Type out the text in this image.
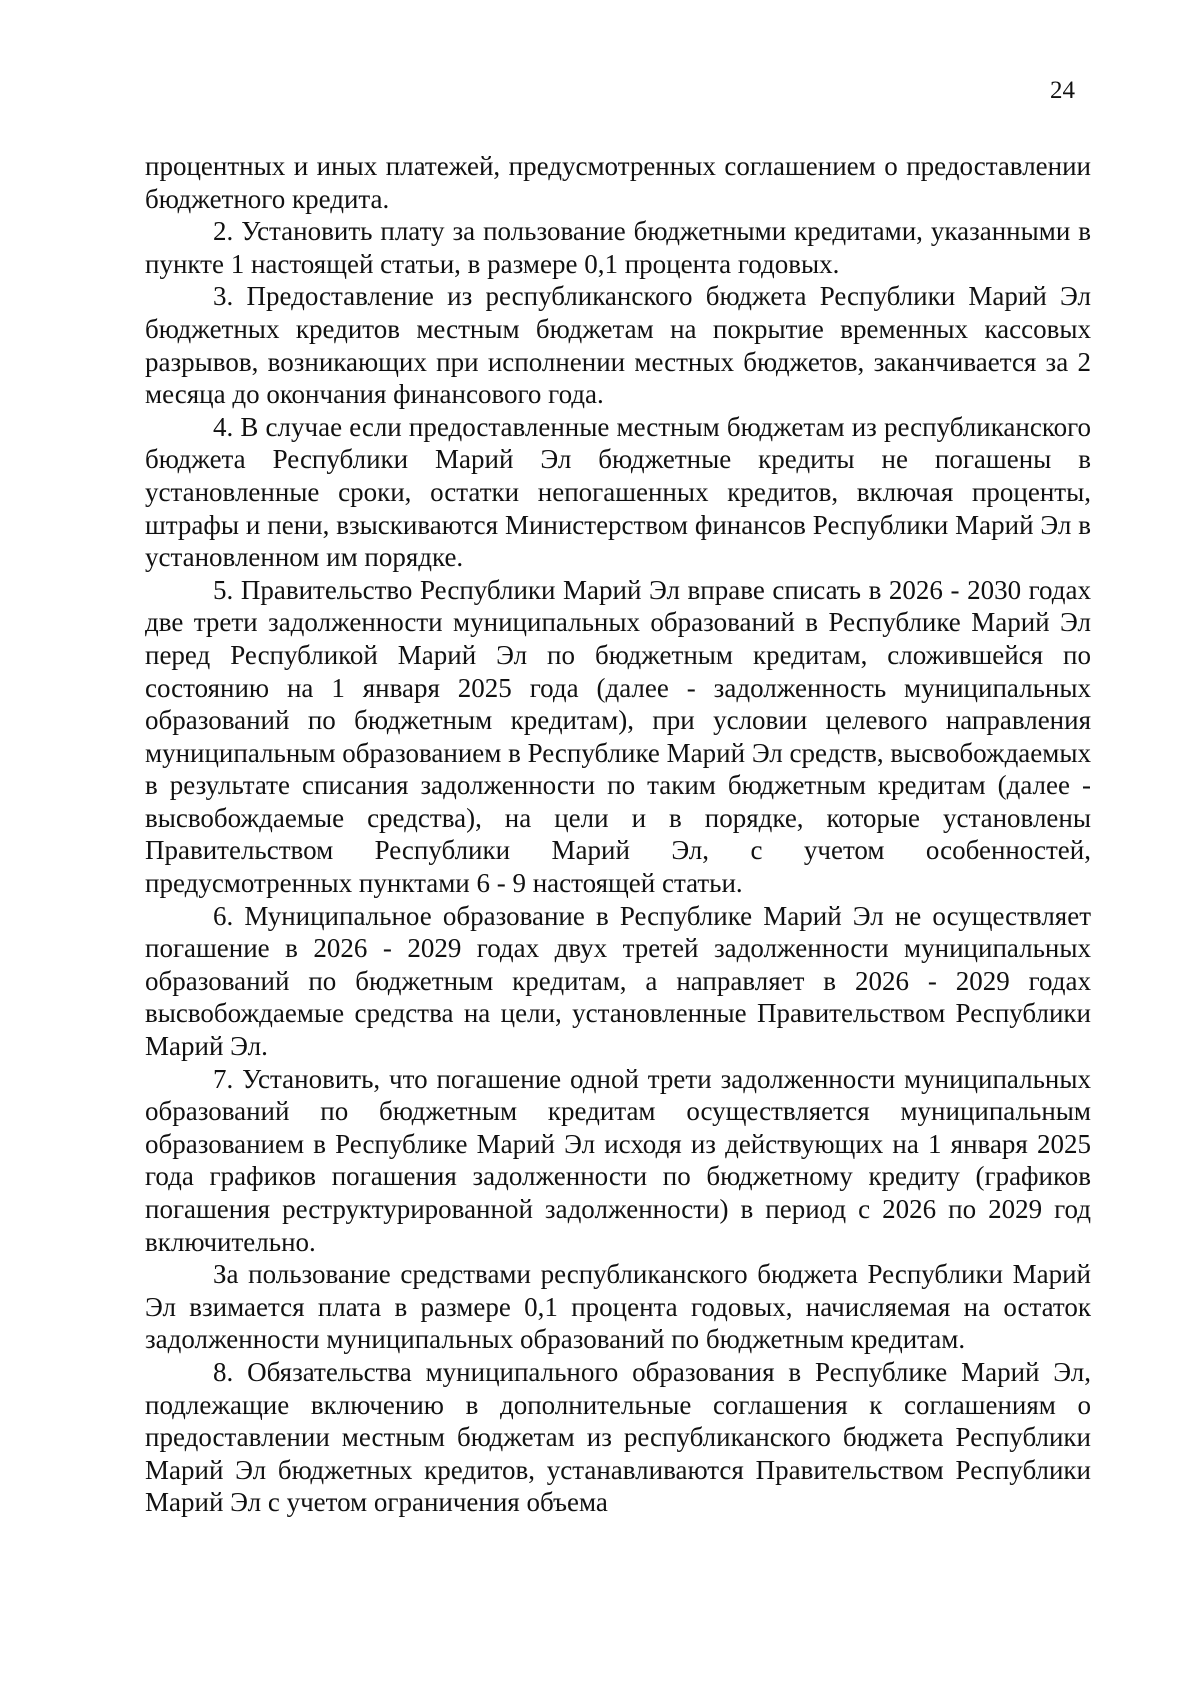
24

процентных и иных платежей, предусмотренных соглашением о предоставлении бюджетного кредита.

2. Установить плату за пользование бюджетными кредитами, указанными в пункте 1 настоящей статьи, в размере 0,1 процента годовых.

3. Предоставление из республиканского бюджета Республики Марий Эл бюджетных кредитов местным бюджетам на покрытие временных кассовых разрывов, возникающих при исполнении местных бюджетов, заканчивается за 2 месяца до окончания финансового года.

4. В случае если предоставленные местным бюджетам из республиканского бюджета Республики Марий Эл бюджетные кредиты не погашены в установленные сроки, остатки непогашенных кредитов, включая проценты, штрафы и пени, взыскиваются Министерством финансов Республики Марий Эл в установленном им порядке.

5. Правительство Республики Марий Эл вправе списать в 2026 - 2030 годах две трети задолженности муниципальных образований в Республике Марий Эл перед Республикой Марий Эл по бюджетным кредитам, сложившейся по состоянию на 1 января 2025 года (далее - задолженность муниципальных образований по бюджетным кредитам), при условии целевого направления муниципальным образованием в Республике Марий Эл средств, высвобождаемых в результате списания задолженности по таким бюджетным кредитам (далее - высвобождаемые средства), на цели и в порядке, которые установлены Правительством Республики Марий Эл, с учетом особенностей, предусмотренных пунктами 6 - 9 настоящей статьи.

6. Муниципальное образование в Республике Марий Эл не осуществляет погашение в 2026 - 2029 годах двух третей задолженности муниципальных образований по бюджетным кредитам, а направляет в 2026 - 2029 годах высвобождаемые средства на цели, установленные Правительством Республики Марий Эл.

7. Установить, что погашение одной трети задолженности муниципальных образований по бюджетным кредитам осуществляется муниципальным образованием в Республике Марий Эл исходя из действующих на 1 января 2025 года графиков погашения задолженности по бюджетному кредиту (графиков погашения реструктурированной задолженности) в период с 2026 по 2029 год включительно.

За пользование средствами республиканского бюджета Республики Марий Эл взимается плата в размере 0,1 процента годовых, начисляемая на остаток задолженности муниципальных образований по бюджетным кредитам.

8. Обязательства муниципального образования в Республике Марий Эл, подлежащие включению в дополнительные соглашения к соглашениям о предоставлении местным бюджетам из республиканского бюджета Республики Марий Эл бюджетных кредитов, устанавливаются Правительством Республики Марий Эл с учетом ограничения объема
